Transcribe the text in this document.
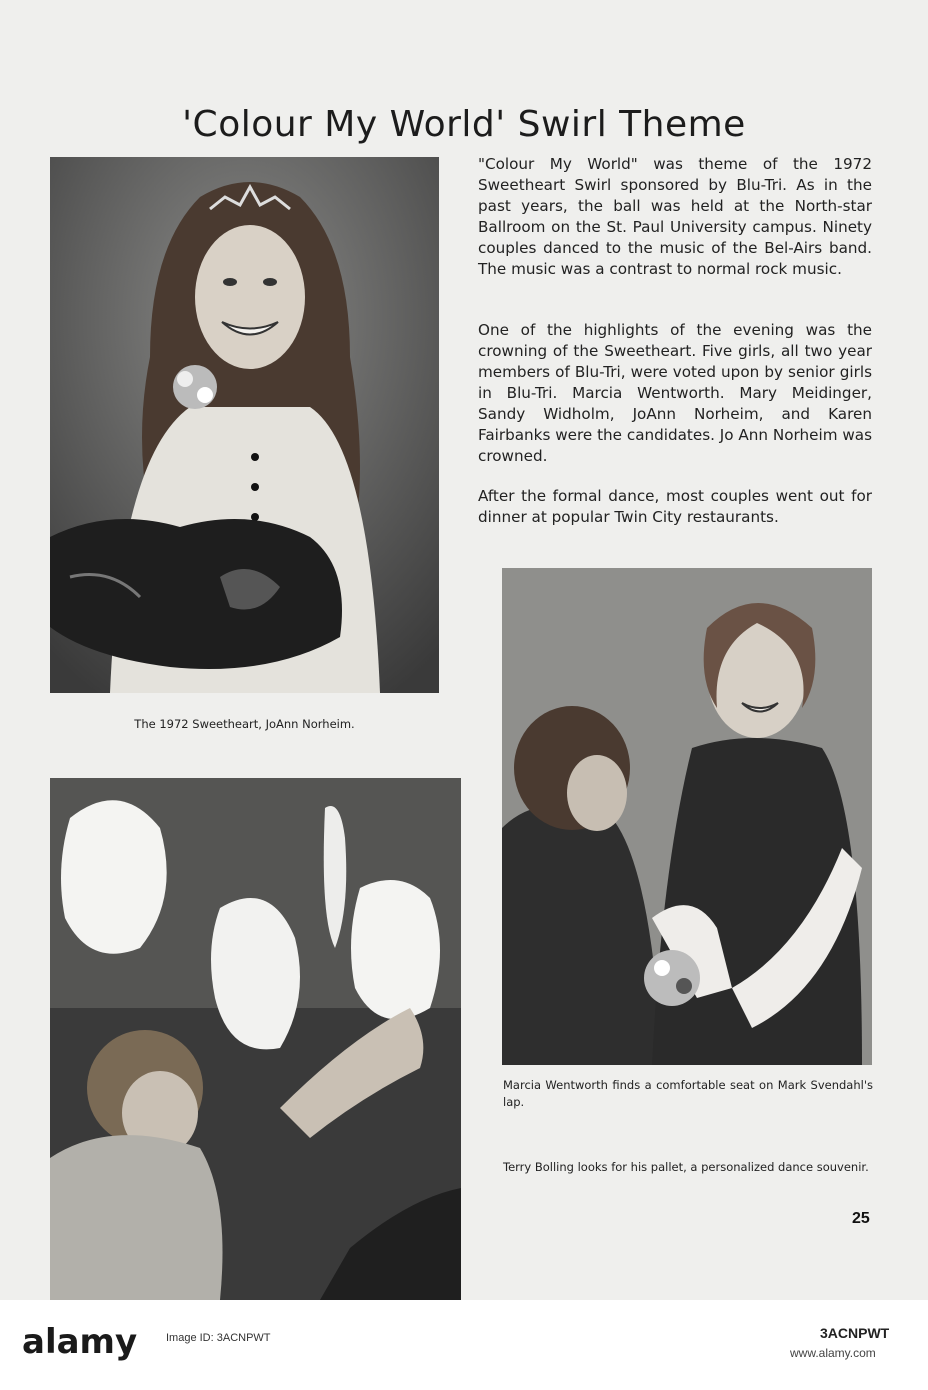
'Colour My World' Swirl Theme

"Colour My World" was theme of the 1972 Sweetheart Swirl sponsored by Blu-Tri. As in the past years, the ball was held at the North-star Ballroom on the St. Paul University campus. Ninety couples danced to the music of the Bel-Airs band. The music was a contrast to normal rock music.

One of the highlights of the evening was the crowning of the Sweetheart. Five girls, all two year members of Blu-Tri, were voted upon by senior girls in Blu-Tri. Marcia Wentworth. Mary Meidinger, Sandy Widholm, JoAnn Norheim, and Karen Fairbanks were the candidates. Jo Ann Norheim was crowned.

After the formal dance, most couples went out for dinner at popular Twin City restaurants.

The 1972 Sweetheart, JoAnn Norheim.

Marcia Wentworth finds a comfortable seat on Mark Svendahl's lap.

Terry Bolling looks for his pallet, a personalized dance souvenir.

25
alamy	Image ID: 3ACNPWT	3ACNPWT
www.alamy.com
